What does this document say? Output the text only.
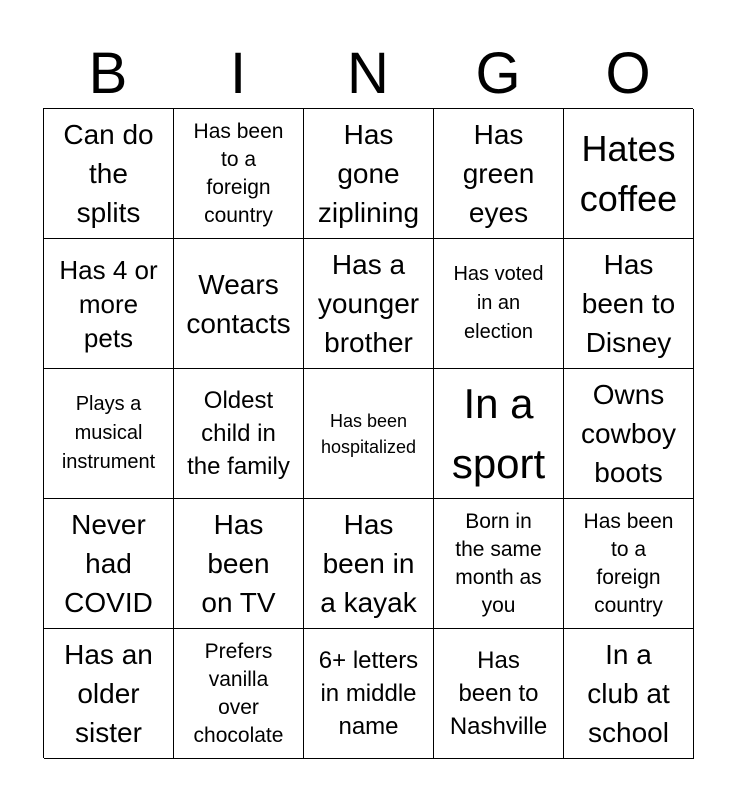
B	I	N	G	O
Can do
the
splits
Has been
to a
foreign
country
Has
gone
ziplining
Has
green
eyes
Hates
coffee
Has 4 or
more
pets
Wears
contacts
Has a
younger
brother
Has voted
in an
election
Has
been to
Disney
Plays a
musical
instrument
Oldest
child in
the family
Has been
hospitalized
In a
sport
Owns
cowboy
boots
Never
had
COVID
Has
been
on TV
Has
been in
a kayak
Born in
the same
month as
you
Has been
to a
foreign
country
Has an
older
sister
Prefers
vanilla
over
chocolate
6+ letters
in middle
name
Has
been to
Nashville
In a
club at
school
